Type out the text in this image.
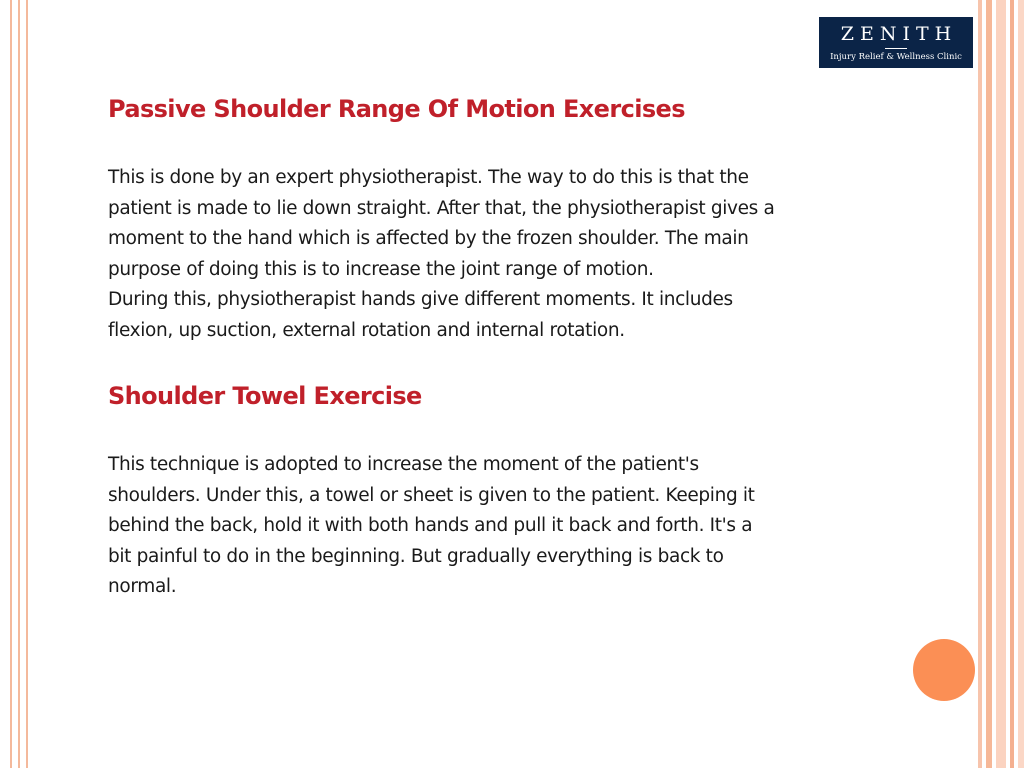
ZENITH
Injury Relief & Wellness Clinic
Passive Shoulder Range Of Motion Exercises
This is done by an expert physiotherapist. The way to do this is that the
patient is made to lie down straight. After that, the physiotherapist gives a
moment to the hand which is affected by the frozen shoulder. The main
purpose of doing this is to increase the joint range of motion.
During this, physiotherapist hands give different moments. It includes
flexion, up suction, external rotation and internal rotation.
Shoulder Towel Exercise
This technique is adopted to increase the moment of the patient's
shoulders. Under this, a towel or sheet is given to the patient. Keeping it
behind the back, hold it with both hands and pull it back and forth. It's a
bit painful to do in the beginning. But gradually everything is back to
normal.
